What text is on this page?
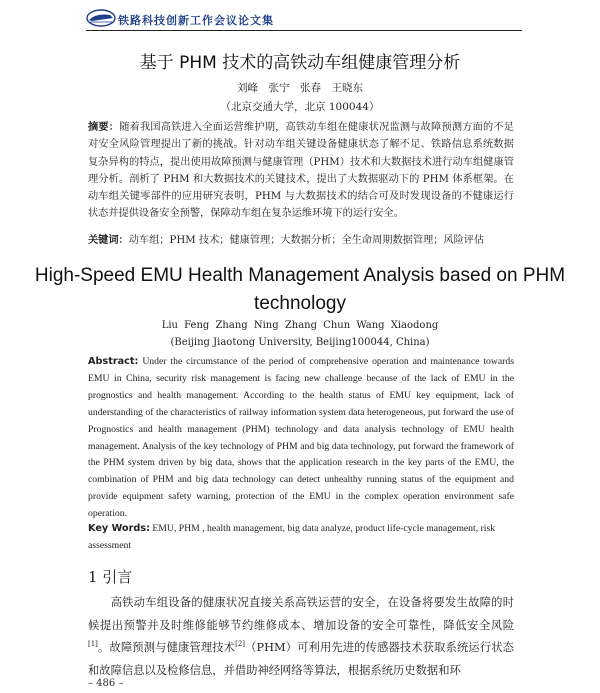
铁路科技创新工作会议论文集
基于 PHM 技术的高铁动车组健康管理分析
刘峰　张宁　张春　王晓东
（北京交通大学，北京 100044）
摘要：随着我国高铁进入全面运营维护期，高铁动车组在健康状况监测与故障预测方面的不足对安全风险管理提出了新的挑战。针对动车组关键设备健康状态了解不足、铁路信息系统数据复杂异构的特点，提出使用故障预测与健康管理（PHM）技术和大数据技术进行动车组健康管理分析。剖析了 PHM 和大数据技术的关键技术，提出了大数据驱动下的 PHM 体系框架。在动车组关键零部件的应用研究表明，PHM 与大数据技术的结合可及时发现设备的不健康运行状态并提供设备安全预警，保障动车组在复杂运维环境下的运行安全。
关键词：动车组；PHM 技术；健康管理；大数据分析；全生命周期数据管理；风险评估
High-Speed EMU Health Management Analysis based on PHM technology
Liu Feng Zhang Ning Zhang Chun Wang Xiaodong
(Beijing Jiaotong University, Beijing100044, China)
Abstract: Under the circumstance of the period of comprehensive operation and maintenance towards EMU in China, security risk management is facing new challenge because of the lack of EMU in the prognostics and health management. According to the health status of EMU key equipment, lack of understanding of the characteristics of railway information system data heterogeneous, put forward the use of Prognostics and health management (PHM) technology and data analysis technology of EMU health management. Analysis of the key technology of PHM and big data technology, put forward the framework of the PHM system driven by big data, shows that the application research in the key parts of the EMU, the combination of PHM and big data technology can detect unhealthy running status of the equipment and provide equipment safety warning, protection of the EMU in the complex operation environment safe operation.
Key Words: EMU, PHM , health management, big data analyze, product life-cycle management, risk assessment
1 引言
高铁动车组设备的健康状况直接关系高铁运营的安全，在设备将要发生故障的时候提出预警并及时维修能够节约维修成本、增加设备的安全可靠性，降低安全风险[1]。故障预测与健康管理技术[2]（PHM）可利用先进的传感器技术获取系统运行状态和故障信息以及检修信息，并借助神经网络等算法，根据系统历史数据和环
– 486 –
